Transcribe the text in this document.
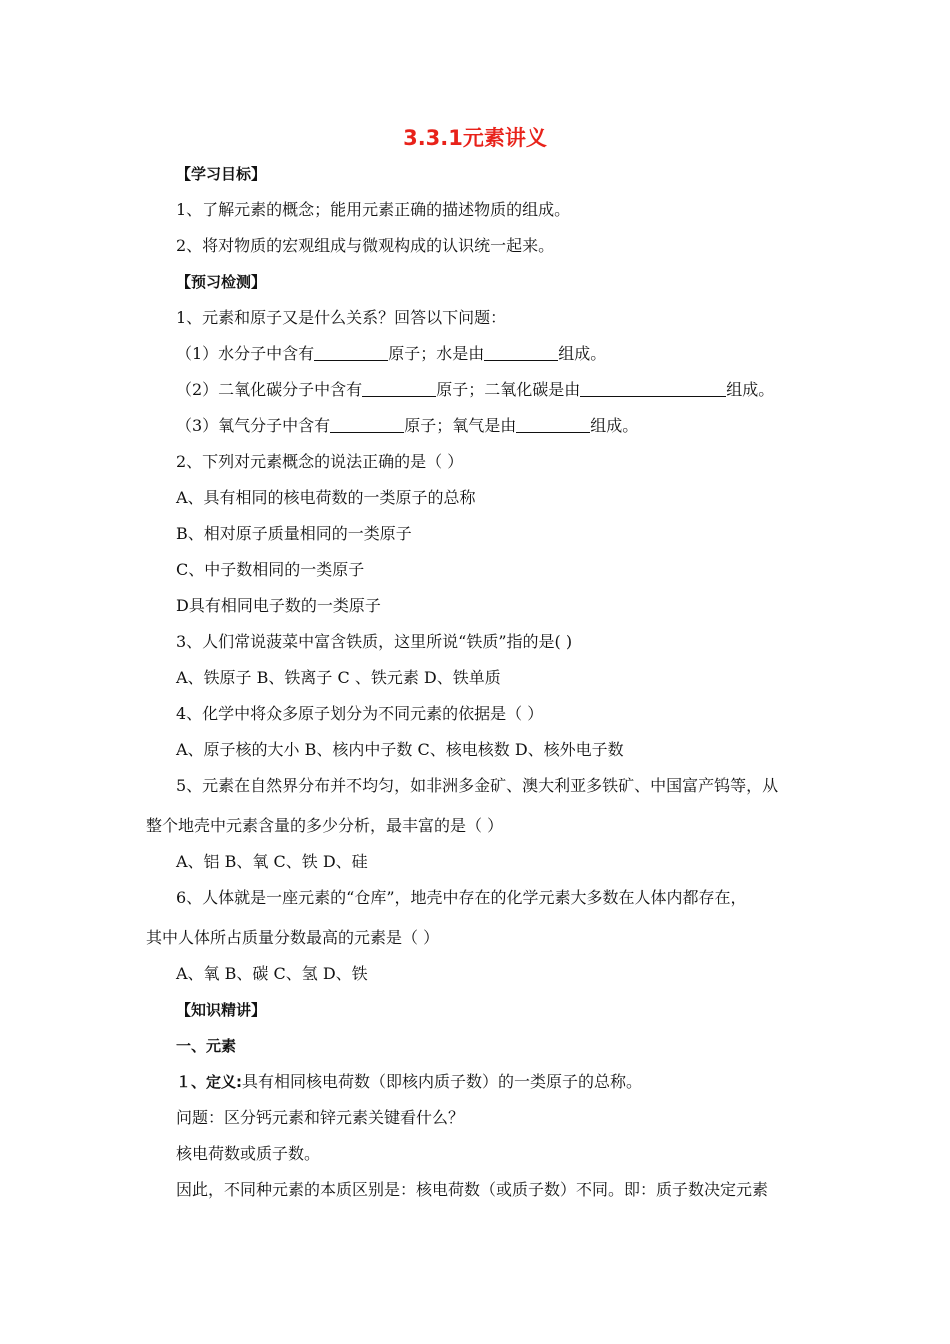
3.3.1元素讲义
【学习目标】
1、了解元素的概念；能用元素正确的描述物质的组成。
2、将对物质的宏观组成与微观构成的认识统一起来。
【预习检测】
1、元素和原子又是什么关系？回答以下问题：
（1）水分子中含有	原子；水是由	组成。
（2）二氧化碳分子中含有	原子；二氧化碳是由	组成。
（3）氧气分子中含有	原子；氧气是由	组成。
2、下列对元素概念的说法正确的是（ ）
A、具有相同的核电荷数的一类原子的总称
B、相对原子质量相同的一类原子
C、中子数相同的一类原子
D具有相同电子数的一类原子
3、人们常说菠菜中富含铁质，这里所说“铁质”指的是( )
A、铁原子 B、铁离子 C 、铁元素 D、铁单质
4、化学中将众多原子划分为不同元素的依据是（ ）
A、原子核的大小 B、核内中子数 C、核电核数 D、核外电子数
5、元素在自然界分布并不均匀，如非洲多金矿、澳大利亚多铁矿、中国富产钨等，从
整个地壳中元素含量的多少分析，最丰富的是（ ）
A、铝 B、氧 C、铁 D、硅
6、人体就是一座元素的“仓库”，地壳中存在的化学元素大多数在人体内都存在，
其中人体所占质量分数最高的元素是（ ）
A、氧 B、碳 C、氢 D、铁
【知识精讲】
一、元素
１、定义:具有相同核电荷数（即核内质子数）的一类原子的总称。
问题：区分钙元素和锌元素关键看什么？
核电荷数或质子数。
因此，不同种元素的本质区别是：核电荷数（或质子数）不同。即：质子数决定元素
